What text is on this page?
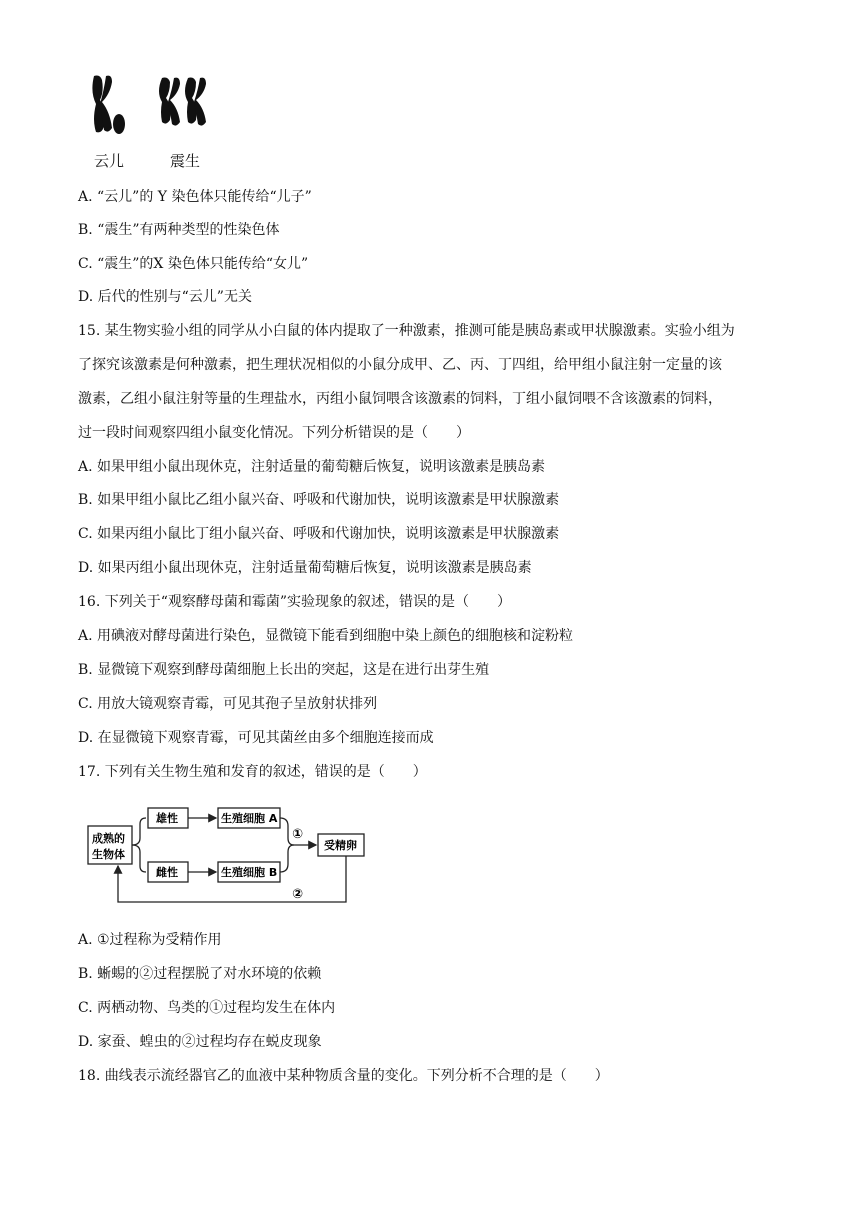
云儿	震生
A. “云儿”的 Y 染色体只能传给“儿子”
B. “震生”有两种类型的性染色体
C. “震生”的X 染色体只能传给“女儿”
D. 后代的性别与“云儿”无关
15. 某生物实验小组的同学从小白鼠的体内提取了一种激素，推测可能是胰岛素或甲状腺激素。实验小组为
了探究该激素是何种激素，把生理状况相似的小鼠分成甲、乙、丙、丁四组，给甲组小鼠注射一定量的该
激素，乙组小鼠注射等量的生理盐水，丙组小鼠饲喂含该激素的饲料，丁组小鼠饲喂不含该激素的饲料，
过一段时间观察四组小鼠变化情况。下列分析错误的是（　　）
A. 如果甲组小鼠出现休克，注射适量的葡萄糖后恢复，说明该激素是胰岛素
B. 如果甲组小鼠比乙组小鼠兴奋、呼吸和代谢加快，说明该激素是甲状腺激素
C. 如果丙组小鼠比丁组小鼠兴奋、呼吸和代谢加快，说明该激素是甲状腺激素
D. 如果丙组小鼠出现休克，注射适量葡萄糖后恢复，说明该激素是胰岛素
16. 下列关于“观察酵母菌和霉菌”实验现象的叙述，错误的是（　　）
A. 用碘液对酵母菌进行染色，显微镜下能看到细胞中染上颜色的细胞核和淀粉粒
B. 显微镜下观察到酵母菌细胞上长出的突起，这是在进行出芽生殖
C. 用放大镜观察青霉，可见其孢子呈放射状排列
D. 在显微镜下观察青霉，可见其菌丝由多个细胞连接而成
17. 下列有关生物生殖和发育的叙述，错误的是（　　）
成熟的
生物体
雄性
雌性
生殖细胞 A
生殖细胞 B
受精卵
①
②
A. ①过程称为受精作用
B. 蜥蜴的②过程摆脱了对水环境的依赖
C. 两栖动物、鸟类的①过程均发生在体内
D. 家蚕、蝗虫的②过程均存在蜕皮现象
18. 曲线表示流经器官乙的血液中某种物质含量的变化。下列分析不合理的是（　　）
